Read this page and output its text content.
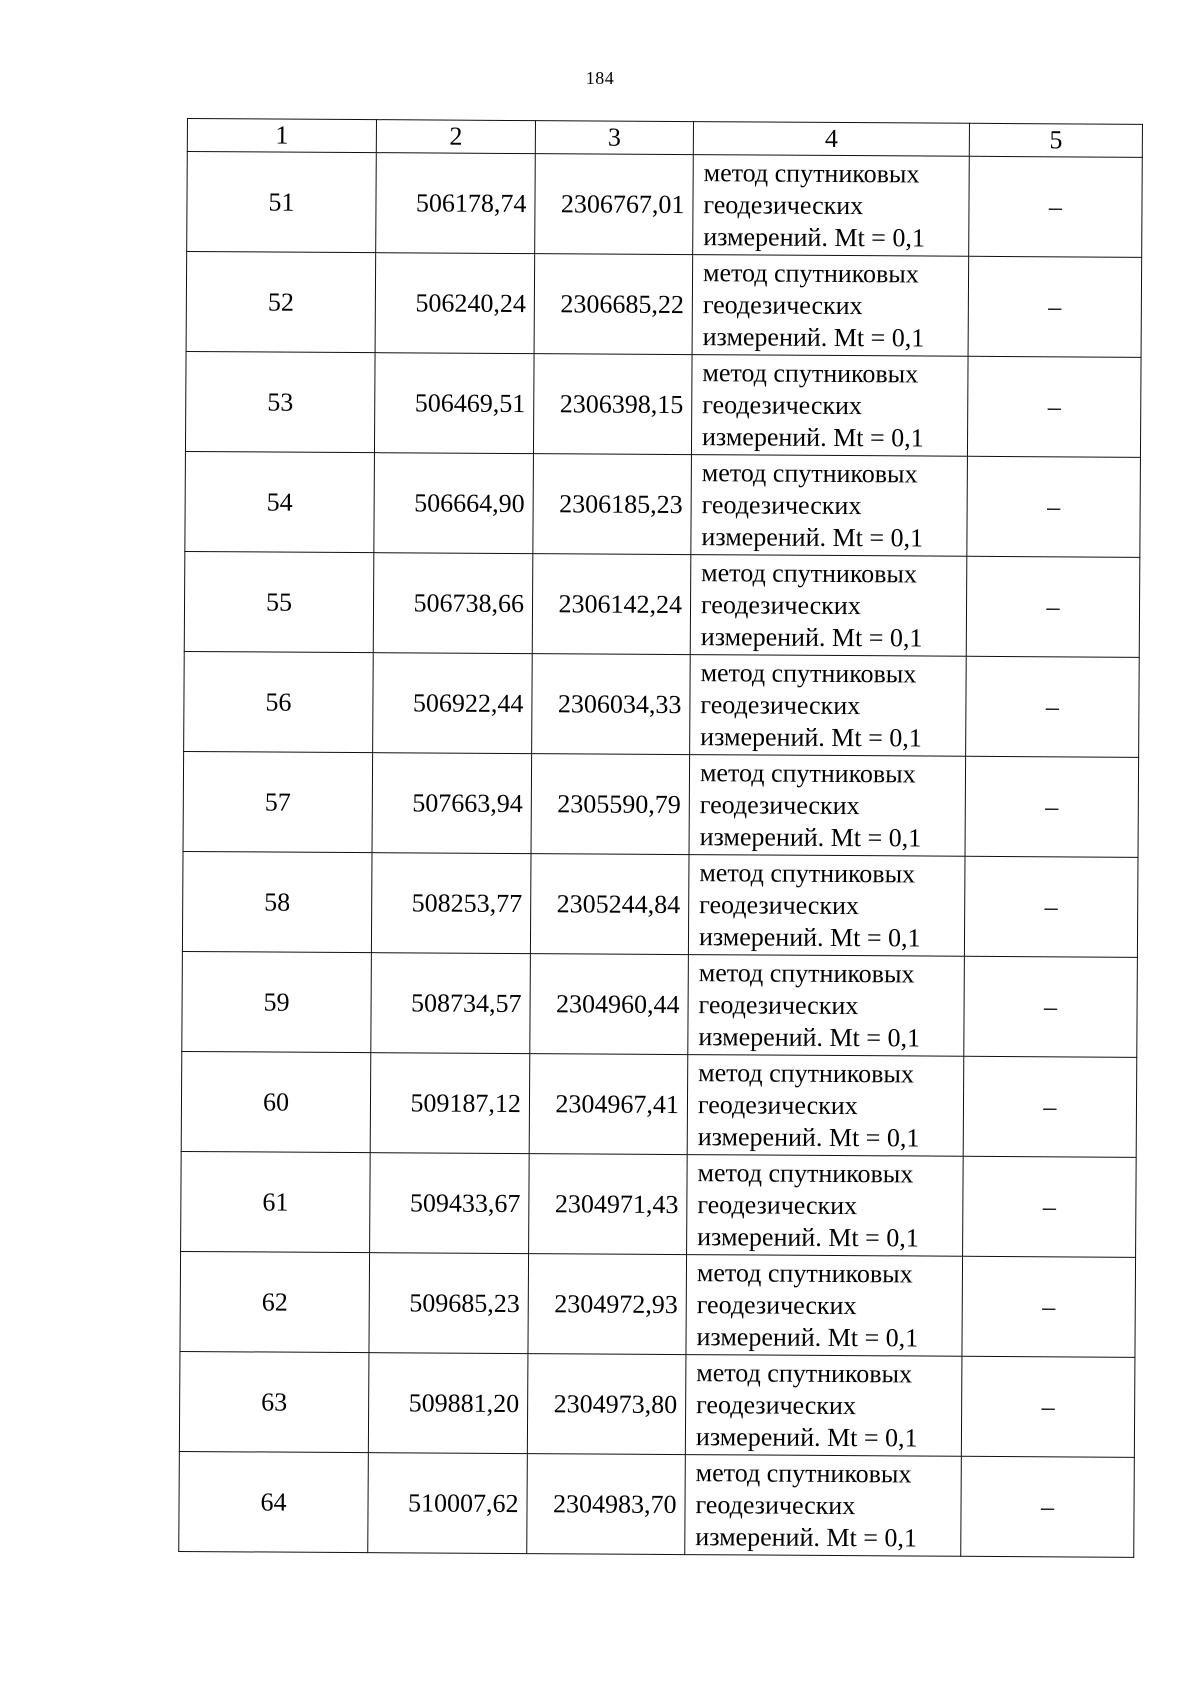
184
1	2	3	4	5
51	506178,74	2306767,01	метод спутниковых
геодезических
измерений. Mt = 0,1	–
52	506240,24	2306685,22	метод спутниковых
геодезических
измерений. Mt = 0,1	–
53	506469,51	2306398,15	метод спутниковых
геодезических
измерений. Mt = 0,1	–
54	506664,90	2306185,23	метод спутниковых
геодезических
измерений. Mt = 0,1	–
55	506738,66	2306142,24	метод спутниковых
геодезических
измерений. Mt = 0,1	–
56	506922,44	2306034,33	метод спутниковых
геодезических
измерений. Mt = 0,1	–
57	507663,94	2305590,79	метод спутниковых
геодезических
измерений. Mt = 0,1	–
58	508253,77	2305244,84	метод спутниковых
геодезических
измерений. Mt = 0,1	–
59	508734,57	2304960,44	метод спутниковых
геодезических
измерений. Mt = 0,1	–
60	509187,12	2304967,41	метод спутниковых
геодезических
измерений. Mt = 0,1	–
61	509433,67	2304971,43	метод спутниковых
геодезических
измерений. Mt = 0,1	–
62	509685,23	2304972,93	метод спутниковых
геодезических
измерений. Mt = 0,1	–
63	509881,20	2304973,80	метод спутниковых
геодезических
измерений. Mt = 0,1	–
64	510007,62	2304983,70	метод спутниковых
геодезических
измерений. Mt = 0,1	–
